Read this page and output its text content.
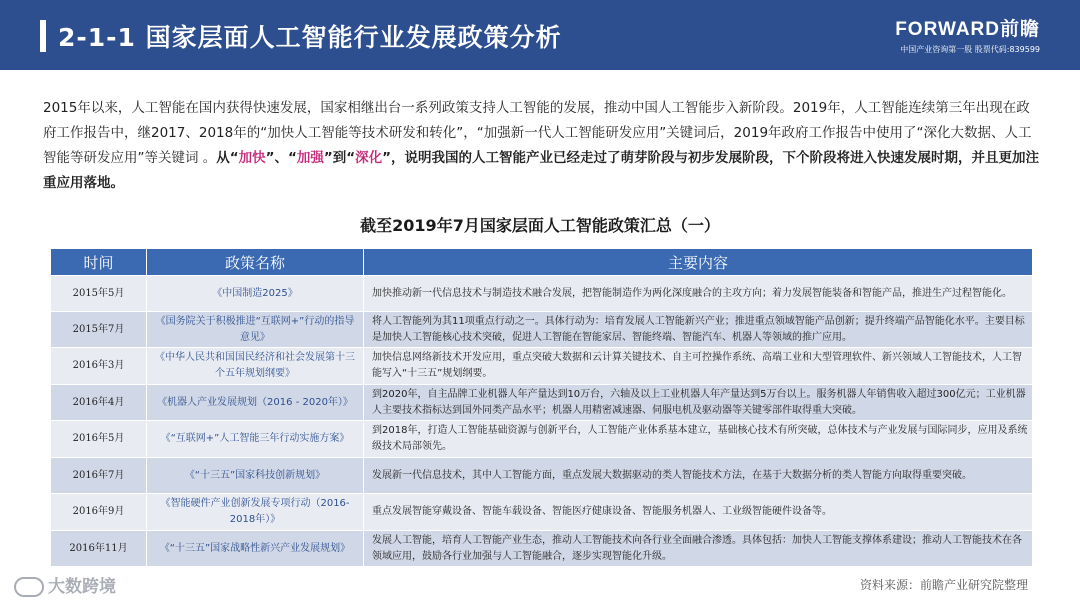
2-1-1 国家层面人工智能行业发展政策分析	FORWARD前瞻
中国产业咨询第一股 股票代码:839599
2015年以来，人工智能在国内获得快速发展，国家相继出台一系列政策支持人工智能的发展，推动中国人工智能步入新阶段。2019年，人工智能连续第三年出现在政府工作报告中，继2017、2018年的“加快人工智能等技术研发和转化”，“加强新一代人工智能研发应用”关键词后，2019年政府工作报告中使用了“深化大数据、人工智能等研发应用”等关键词 。从“加快”、“加强”到“深化”，说明我国的人工智能产业已经走过了萌芽阶段与初步发展阶段，下个阶段将进入快速发展时期，并且更加注重应用落地。
截至2019年7月国家层面人工智能政策汇总（一）
时间	政策名称	主要内容
2015年5月	《中国制造2025》	加快推动新一代信息技术与制造技术融合发展，把智能制造作为两化深度融合的主攻方向；着力发展智能装备和智能产品，推进生产过程智能化。
2015年7月	《国务院关于积极推进“互联网+”行动的指导意见》	将人工智能列为其11项重点行动之一。具体行动为：培育发展人工智能新兴产业；推进重点领域智能产品创新；提升终端产品智能化水平。主要目标是加快人工智能核心技术突破，促进人工智能在智能家居、智能终端、智能汽车、机器人等领域的推广应用。
2016年3月	《中华人民共和国国民经济和社会发展第十三个五年规划纲要》	加快信息网络新技术开发应用，重点突破大数据和云计算关键技术、自主可控操作系统、高端工业和大型管理软件、新兴领域人工智能技术，人工智能写入“十三五”规划纲要。
2016年4月	《机器人产业发展规划（2016 - 2020年）》	到2020年，自主品牌工业机器人年产量达到10万台，六轴及以上工业机器人年产量达到5万台以上。服务机器人年销售收入超过300亿元；工业机器人主要技术指标达到国外同类产品水平；机器人用精密减速器、伺服电机及驱动器等关键零部件取得重大突破。
2016年5月	《“互联网+”人工智能三年行动实施方案》	到2018年，打造人工智能基础资源与创新平台，人工智能产业体系基本建立，基础核心技术有所突破，总体技术与产业发展与国际同步，应用及系统级技术局部领先。
2016年7月	《“十三五”国家科技创新规划》	发展新一代信息技术，其中人工智能方面，重点发展大数据驱动的类人智能技术方法，在基于大数据分析的类人智能方向取得重要突破。
2016年9月	《智能硬件产业创新发展专项行动（2016-2018年）》	重点发展智能穿戴设备、智能车载设备、智能医疗健康设备、智能服务机器人、工业级智能硬件设备等。
2016年11月	《“十三五”国家战略性新兴产业发展规划》	发展人工智能，培育人工智能产业生态，推动人工智能技术向各行业全面融合渗透。具体包括：加快人工智能支撑体系建设；推动人工智能技术在各领域应用，鼓励各行业加强与人工智能融合，逐步实现智能化升级。
大数跨境	资料来源：前瞻产业研究院整理
